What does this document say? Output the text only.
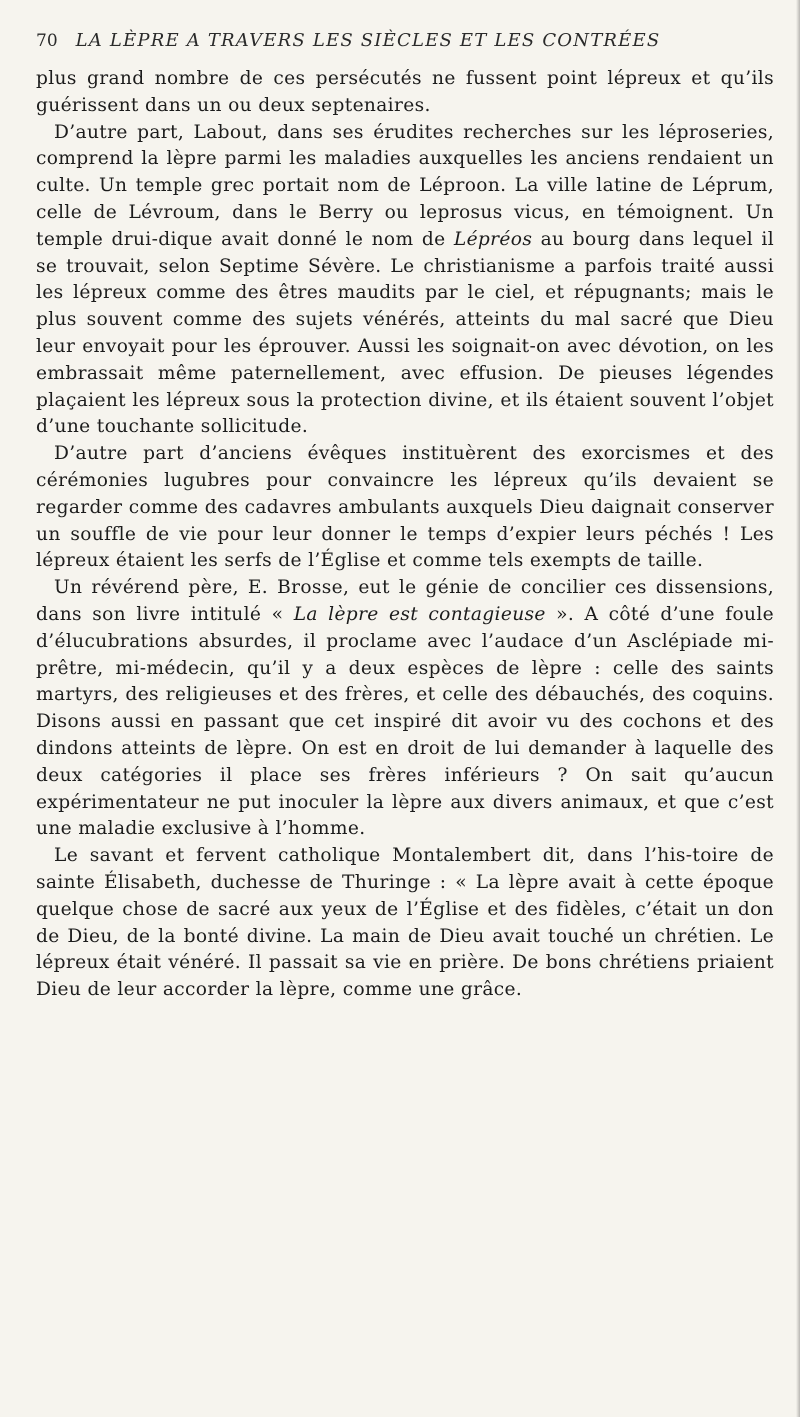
70 LA LÈPRE A TRAVERS LES SIÈCLES ET LES CONTRÉES

plus grand nombre de ces persécutés ne fussent point lépreux et qu’ils guérissent dans un ou deux septenaires.

D’autre part, Labout, dans ses érudites recherches sur les léproseries, comprend la lèpre parmi les maladies auxquelles les anciens rendaient un culte. Un temple grec portait nom de Léproon. La ville latine de Léprum, celle de Lévroum, dans le Berry ou leprosus vicus, en témoignent. Un temple drui-dique avait donné le nom de Lépréos au bourg dans lequel il se trouvait, selon Septime Sévère. Le christianisme a parfois traité aussi les lépreux comme des êtres maudits par le ciel, et répugnants; mais le plus souvent comme des sujets vénérés, atteints du mal sacré que Dieu leur envoyait pour les éprouver. Aussi les soignait-on avec dévotion, on les embrassait même paternellement, avec effusion. De pieuses légendes plaçaient les lépreux sous la protection divine, et ils étaient souvent l’objet d’une touchante sollicitude.

D’autre part d’anciens évêques instituèrent des exorcismes et des cérémonies lugubres pour convaincre les lépreux qu’ils devaient se regarder comme des cadavres ambulants auxquels Dieu daignait conserver un souffle de vie pour leur donner le temps d’expier leurs péchés ! Les lépreux étaient les serfs de l’Église et comme tels exempts de taille.

Un révérend père, E. Brosse, eut le génie de concilier ces dissensions, dans son livre intitulé « La lèpre est contagieuse ». A côté d’une foule d’élucubrations absurdes, il proclame avec l’audace d’un Asclépiade mi-prêtre, mi-médecin, qu’il y a deux espèces de lèpre : celle des saints martyrs, des religieuses et des frères, et celle des débauchés, des coquins. Disons aussi en passant que cet inspiré dit avoir vu des cochons et des dindons atteints de lèpre. On est en droit de lui demander à laquelle des deux catégories il place ses frères inférieurs ? On sait qu’aucun expérimentateur ne put inoculer la lèpre aux divers animaux, et que c’est une maladie exclusive à l’homme.

Le savant et fervent catholique Montalembert dit, dans l’his-toire de sainte Élisabeth, duchesse de Thuringe : « La lèpre avait à cette époque quelque chose de sacré aux yeux de l’Église et des fidèles, c’était un don de Dieu, de la bonté divine. La main de Dieu avait touché un chrétien. Le lépreux était vénéré. Il passait sa vie en prière. De bons chrétiens priaient Dieu de leur accorder la lèpre, comme une grâce.
